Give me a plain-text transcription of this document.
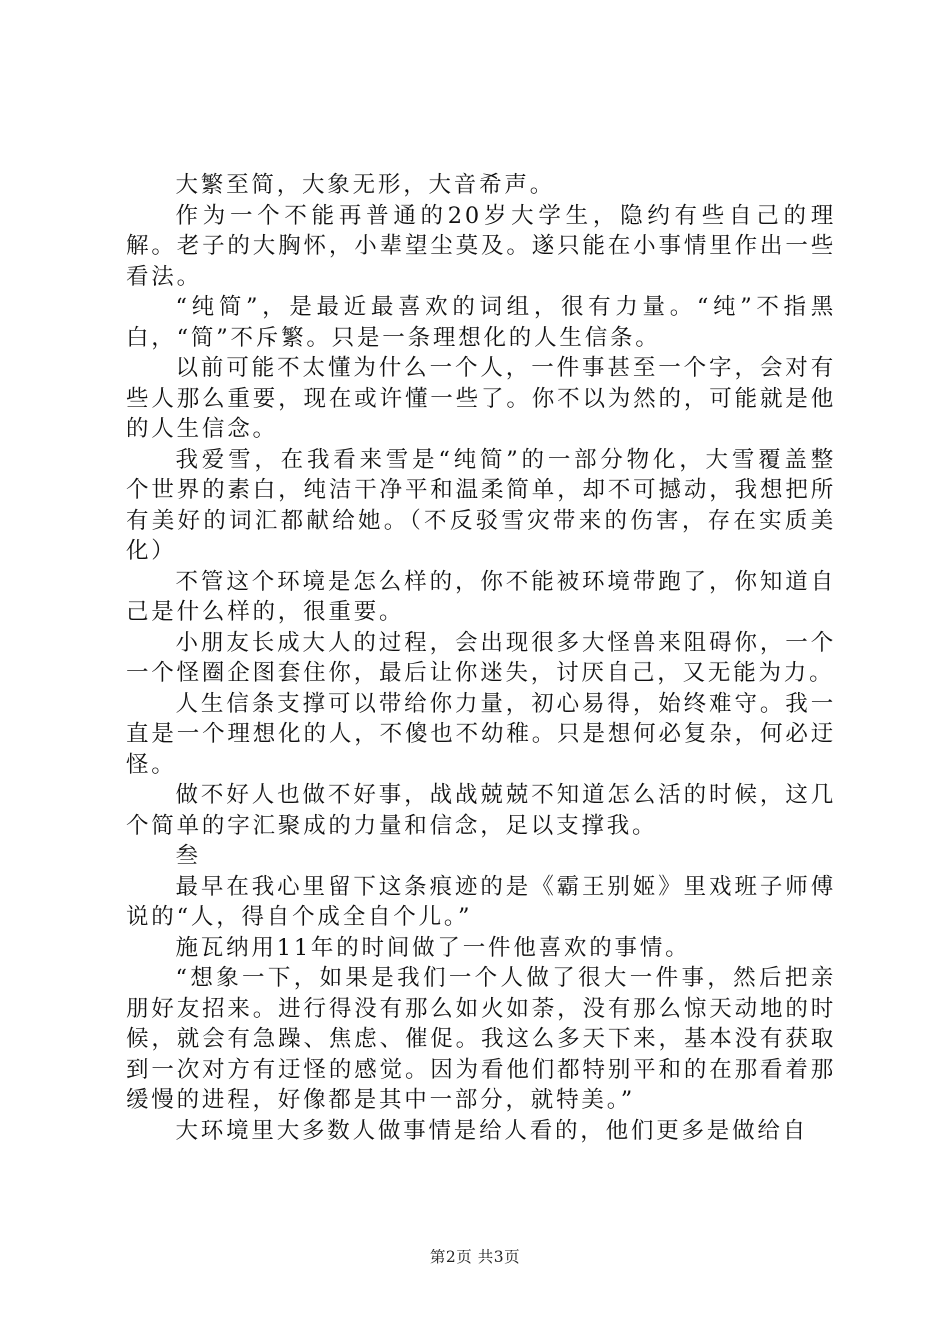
大繁至简，大象无形，大音希声。

作为一个不能再普通的20岁大学生，隐约有些自己的理解。老子的大胸怀，小辈望尘莫及。遂只能在小事情里作出一些看法。

“纯简”，是最近最喜欢的词组，很有力量。“纯”不指黑白，“简”不斥繁。只是一条理想化的人生信条。

以前可能不太懂为什么一个人，一件事甚至一个字，会对有些人那么重要，现在或许懂一些了。你不以为然的，可能就是他的人生信念。

我爱雪，在我看来雪是“纯简”的一部分物化，大雪覆盖整个世界的素白，纯洁干净平和温柔简单，却不可撼动，我想把所有美好的词汇都献给她。（不反驳雪灾带来的伤害，存在实质美化）

不管这个环境是怎么样的，你不能被环境带跑了，你知道自己是什么样的，很重要。

小朋友长成大人的过程，会出现很多大怪兽来阻碍你，一个一个怪圈企图套住你，最后让你迷失，讨厌自己，又无能为力。

人生信条支撑可以带给你力量，初心易得，始终难守。我一直是一个理想化的人，不傻也不幼稚。只是想何必复杂，何必迂怪。

做不好人也做不好事，战战兢兢不知道怎么活的时候，这几个简单的字汇聚成的力量和信念，足以支撑我。

叁

最早在我心里留下这条痕迹的是《霸王别姬》里戏班子师傅说的“人，得自个成全自个儿。”

施瓦纳用11年的时间做了一件他喜欢的事情。

“想象一下，如果是我们一个人做了很大一件事，然后把亲朋好友招来。进行得没有那么如火如荼，没有那么惊天动地的时候，就会有急躁、焦虑、催促。我这么多天下来，基本没有获取到一次对方有迂怪的感觉。因为看他们都特别平和的在那看着那缓慢的进程，好像都是其中一部分，就特美。”

大环境里大多数人做事情是给人看的，他们更多是做给自

第2页 共3页
